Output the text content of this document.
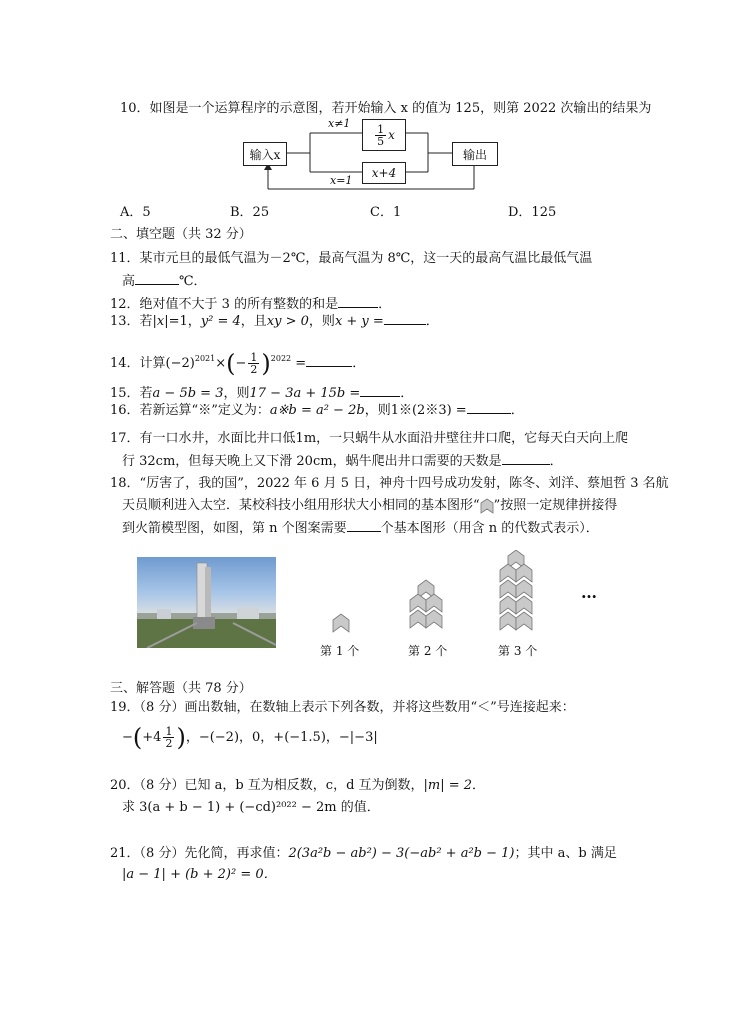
10．如图是一个运算程序的示意图，若开始输入 x 的值为 125，则第 2022 次输出的结果为
输入x	输出
$\frac{1}{5}$ x
x+4
x≠1
x=1
A．5	B．25	C．1	D．125
二、填空题（共 32 分）
11．某市元旦的最低气温为－2℃，最高气温为 8℃，这一天的最高气温比最低气温
高	℃．
12．绝对值不大于 3 的所有整数的和是	．
13．若|x|=1，y² = 4，且xy > 0，则x + y =	．
14．计算$(-2)^{2021}\times(- \frac{1}{2} )^{2022}$ =	．
15．若a − 5b = 3，则17 − 3a + 15b =	．
16．若新运算“※”定义为：a※b = a² − 2b，则1※(2※3) =	．
17．有一口水井，水面比井口低1m，一只蜗牛从水面沿井壁往井口爬，它每天白天向上爬
行 32cm，但每天晚上又下滑 20cm，蜗牛爬出井口需要的天数是	．
18．“厉害了，我的国”，2022 年 6 月 5 日，神舟十四号成功发射，陈冬、刘洋、蔡旭哲 3 名航
天员顺利进入太空．某校科技小组用形状大小相同的基本图形“ ”按照一定规律拼接得
到火箭模型图，如图，第 n 个图案需要	个基本图形（用含 n 的代数式表示）．
第 1 个	第 2 个	第 3 个
…
三、解答题（共 78 分）
19．（8 分）画出数轴，在数轴上表示下列各数，并将这些数用“＜”号连接起来：
$-(+4 \frac{1}{2}$ )，−(−2)，0，+(−1.5)，−|−3|
20．（8 分）已知 a，b 互为相反数，c，d 互为倒数，|m| = 2．
求 3(a + b − 1) + (−cd)²⁰²² − 2m 的值．
21．（8 分）先化简，再求值：2(3a²b − ab²) − 3(−ab² + a²b − 1)；其中 a、b 满足
|a − 1| + (b + 2)² = 0．
